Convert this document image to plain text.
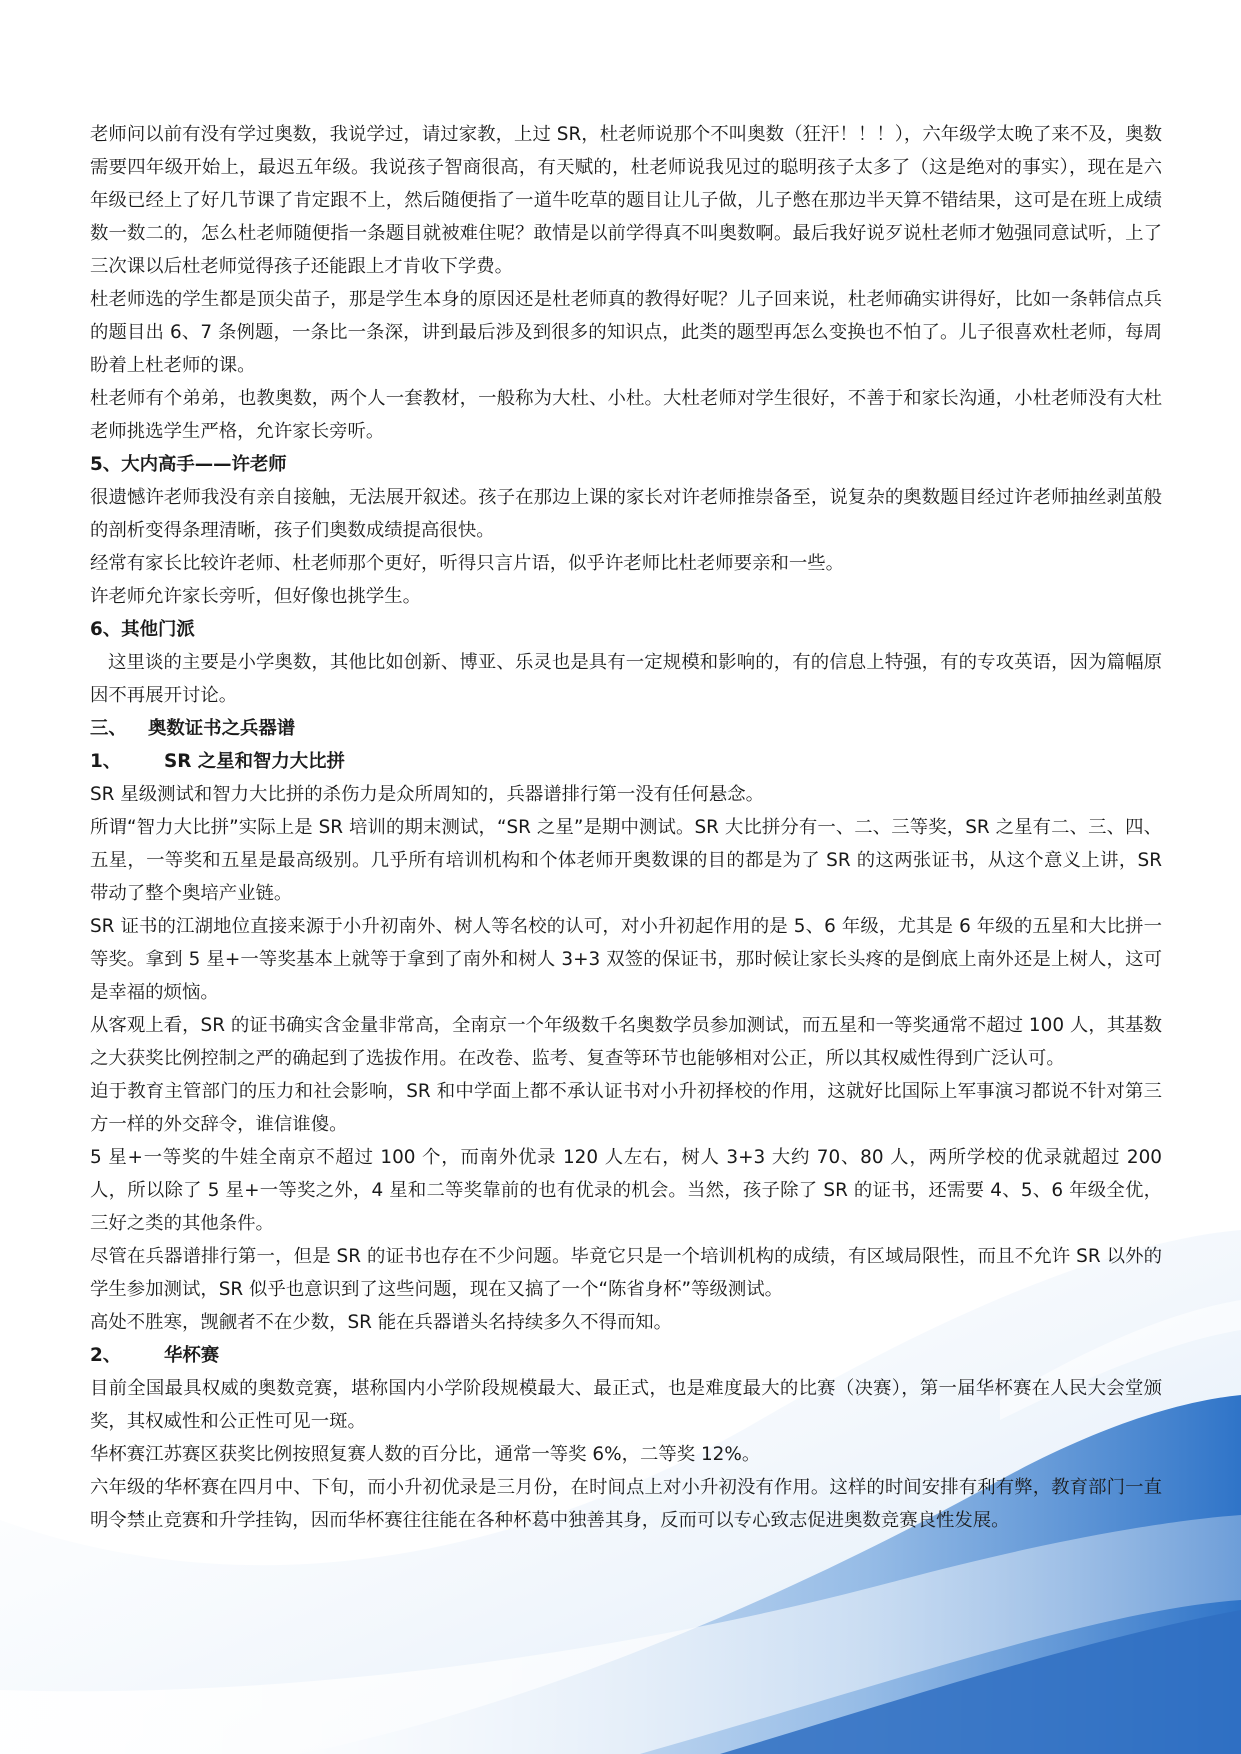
老师问以前有没有学过奥数，我说学过，请过家教，上过 SR，杜老师说那个不叫奥数（狂汗！！！），六年级学太晚了来不及，奥数需要四年级开始上，最迟五年级。我说孩子智商很高，有天赋的，杜老师说我见过的聪明孩子太多了（这是绝对的事实），现在是六年级已经上了好几节课了肯定跟不上，然后随便指了一道牛吃草的题目让儿子做，儿子憋在那边半天算不错结果，这可是在班上成绩数一数二的，怎么杜老师随便指一条题目就被难住呢？敢情是以前学得真不叫奥数啊。最后我好说歹说杜老师才勉强同意试听，上了三次课以后杜老师觉得孩子还能跟上才肯收下学费。

杜老师选的学生都是顶尖苗子，那是学生本身的原因还是杜老师真的教得好呢？儿子回来说，杜老师确实讲得好，比如一条韩信点兵的题目出 6、7 条例题，一条比一条深，讲到最后涉及到很多的知识点，此类的题型再怎么变换也不怕了。儿子很喜欢杜老师，每周盼着上杜老师的课。

杜老师有个弟弟，也教奥数，两个人一套教材，一般称为大杜、小杜。大杜老师对学生很好，不善于和家长沟通，小杜老师没有大杜老师挑选学生严格，允许家长旁听。

5、大内高手——许老师

很遗憾许老师我没有亲自接触，无法展开叙述。孩子在那边上课的家长对许老师推崇备至，说复杂的奥数题目经过许老师抽丝剥茧般的剖析变得条理清晰，孩子们奥数成绩提高很快。

经常有家长比较许老师、杜老师那个更好，听得只言片语，似乎许老师比杜老师要亲和一些。

许老师允许家长旁听，但好像也挑学生。

6、其他门派

这里谈的主要是小学奥数，其他比如创新、博亚、乐灵也是具有一定规模和影响的，有的信息上特强，有的专攻英语，因为篇幅原因不再展开讨论。

三、 奥数证书之兵器谱
1、 SR 之星和智力大比拼

SR 星级测试和智力大比拼的杀伤力是众所周知的，兵器谱排行第一没有任何悬念。

所谓“智力大比拼”实际上是 SR 培训的期末测试，“SR 之星”是期中测试。SR 大比拼分有一、二、三等奖，SR 之星有二、三、四、五星，一等奖和五星是最高级别。几乎所有培训机构和个体老师开奥数课的目的都是为了 SR 的这两张证书，从这个意义上讲，SR 带动了整个奥培产业链。

SR 证书的江湖地位直接来源于小升初南外、树人等名校的认可，对小升初起作用的是 5、6 年级，尤其是 6 年级的五星和大比拼一等奖。拿到 5 星+一等奖基本上就等于拿到了南外和树人 3+3 双签的保证书，那时候让家长头疼的是倒底上南外还是上树人，这可是幸福的烦恼。

从客观上看，SR 的证书确实含金量非常高，全南京一个年级数千名奥数学员参加测试，而五星和一等奖通常不超过 100 人，其基数之大获奖比例控制之严的确起到了选拔作用。在改卷、监考、复查等环节也能够相对公正，所以其权威性得到广泛认可。

迫于教育主管部门的压力和社会影响，SR 和中学面上都不承认证书对小升初择校的作用，这就好比国际上军事演习都说不针对第三方一样的外交辞令，谁信谁傻。

5 星+一等奖的牛娃全南京不超过 100 个，而南外优录 120 人左右，树人 3+3 大约 70、80 人，两所学校的优录就超过 200 人，所以除了 5 星+一等奖之外，4 星和二等奖靠前的也有优录的机会。当然，孩子除了 SR 的证书，还需要 4、5、6 年级全优，三好之类的其他条件。

尽管在兵器谱排行第一，但是 SR 的证书也存在不少问题。毕竟它只是一个培训机构的成绩，有区域局限性，而且不允许 SR 以外的学生参加测试，SR 似乎也意识到了这些问题，现在又搞了一个“陈省身杯”等级测试。

高处不胜寒，觊觎者不在少数，SR 能在兵器谱头名持续多久不得而知。

2、 华杯赛

目前全国最具权威的奥数竞赛，堪称国内小学阶段规模最大、最正式，也是难度最大的比赛（决赛），第一届华杯赛在人民大会堂颁奖，其权威性和公正性可见一斑。

华杯赛江苏赛区获奖比例按照复赛人数的百分比，通常一等奖 6%，二等奖 12%。

六年级的华杯赛在四月中、下旬，而小升初优录是三月份，在时间点上对小升初没有作用。这样的时间安排有利有弊，教育部门一直明令禁止竞赛和升学挂钩，因而华杯赛往往能在各种杯葛中独善其身，反而可以专心致志促进奥数竞赛良性发展。
